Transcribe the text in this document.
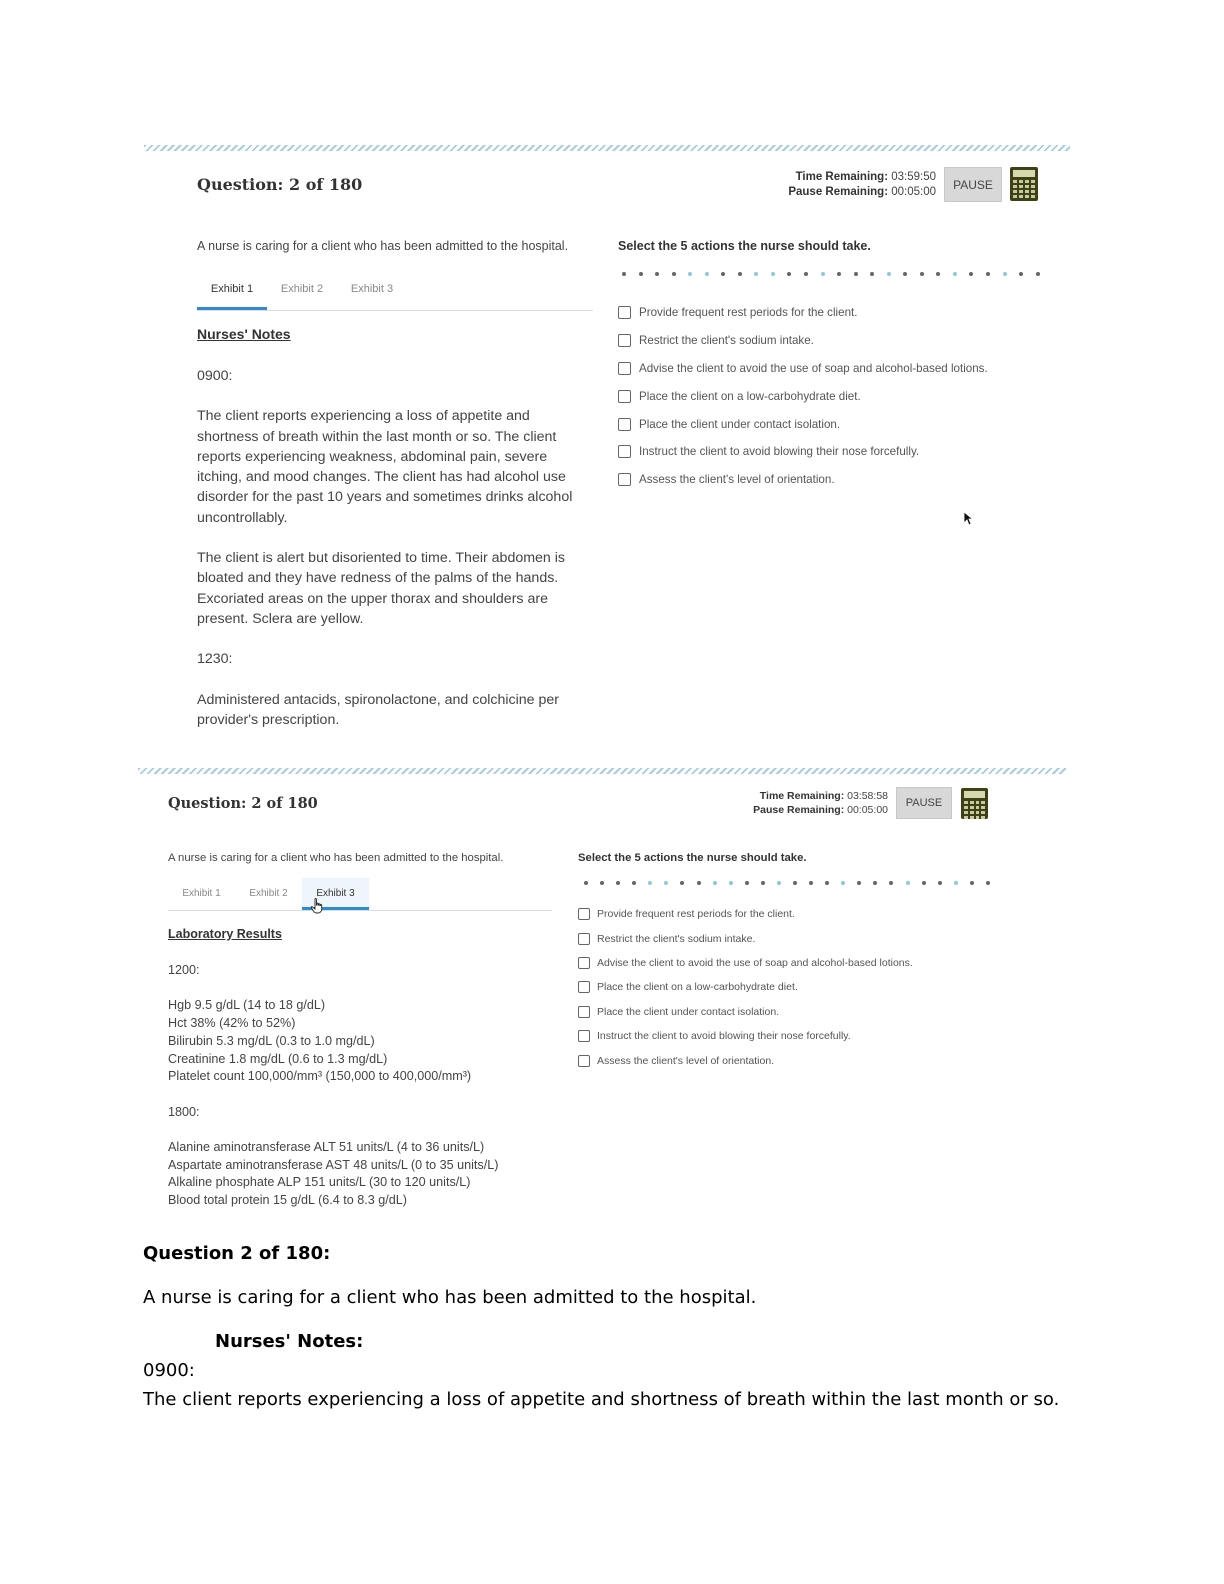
Question: 2 of 180	Time Remaining: 03:59:50
Pause Remaining: 00:05:00
PAUSE

A nurse is caring for a client who has been admitted to the hospital.

Exhibit 1	Exhibit 2	Exhibit 3
Nurses' Notes

0900:

The client reports experiencing a loss of appetite and shortness of breath within the last month or so. The client reports experiencing weakness, abdominal pain, severe itching, and mood changes. The client has had alcohol use disorder for the past 10 years and sometimes drinks alcohol uncontrollably.

The client is alert but disoriented to time. Their abdomen is bloated and they have redness of the palms of the hands. Excoriated areas on the upper thorax and shoulders are present. Sclera are yellow.

1230:

Administered antacids, spironolactone, and colchicine per provider's prescription.

Select the 5 actions the nurse should take.

Provide frequent rest periods for the client.
Restrict the client's sodium intake.
Advise the client to avoid the use of soap and alcohol-based lotions.
Place the client on a low-carbohydrate diet.
Place the client under contact isolation.
Instruct the client to avoid blowing their nose forcefully.
Assess the client's level of orientation.
Question: 2 of 180	Time Remaining: 03:58:58
Pause Remaining: 00:05:00
PAUSE

A nurse is caring for a client who has been admitted to the hospital.

Exhibit 1	Exhibit 2	Exhibit 3
Laboratory Results

1200:

Hgb 9.5 g/dL (14 to 18 g/dL)

Hct 38% (42% to 52%)

Bilirubin 5.3 mg/dL (0.3 to 1.0 mg/dL)

Creatinine 1.8 mg/dL (0.6 to 1.3 mg/dL)

Platelet count 100,000/mm³ (150,000 to 400,000/mm³)

1800:

Alanine aminotransferase ALT 51 units/L (4 to 36 units/L)

Aspartate aminotransferase AST 48 units/L (0 to 35 units/L)

Alkaline phosphate ALP 151 units/L (30 to 120 units/L)

Blood total protein 15 g/dL (6.4 to 8.3 g/dL)

Select the 5 actions the nurse should take.

Provide frequent rest periods for the client.
Restrict the client's sodium intake.
Advise the client to avoid the use of soap and alcohol-based lotions.
Place the client on a low-carbohydrate diet.
Place the client under contact isolation.
Instruct the client to avoid blowing their nose forcefully.
Assess the client's level of orientation.

Question 2 of 180:

A nurse is caring for a client who has been admitted to the hospital.

Nurses' Notes:

0900:

The client reports experiencing a loss of appetite and shortness of breath within the last month or so.
